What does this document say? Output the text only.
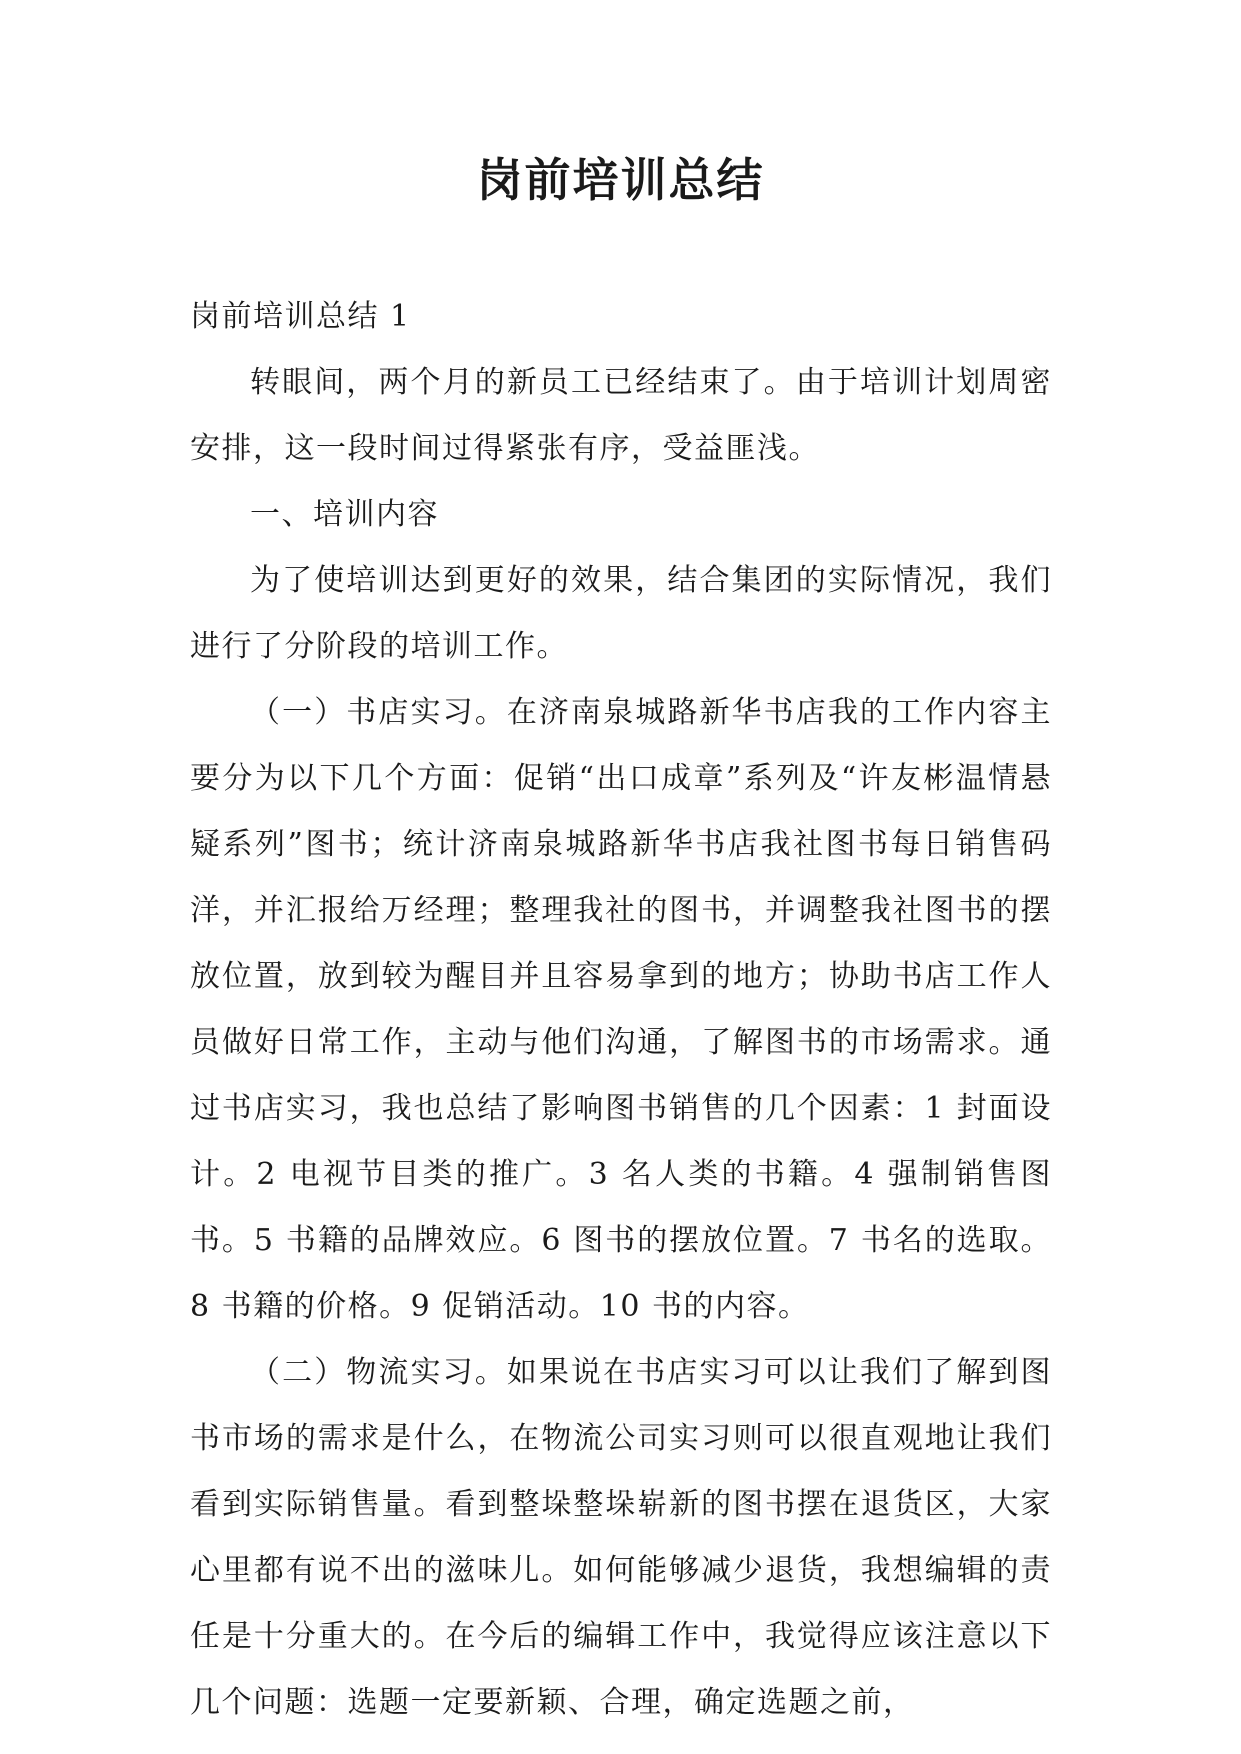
岗前培训总结

岗前培训总结 1

转眼间，两个月的新员工已经结束了。由于培训计划周密安排，这一段时间过得紧张有序，受益匪浅。

一、培训内容

为了使培训达到更好的效果，结合集团的实际情况，我们进行了分阶段的培训工作。

（一）书店实习。在济南泉城路新华书店我的工作内容主要分为以下几个方面：促销“出口成章”系列及“许友彬温情悬疑系列”图书；统计济南泉城路新华书店我社图书每日销售码洋，并汇报给万经理；整理我社的图书，并调整我社图书的摆放位置，放到较为醒目并且容易拿到的地方；协助书店工作人员做好日常工作，主动与他们沟通，了解图书的市场需求。通过书店实习，我也总结了影响图书销售的几个因素：1 封面设计。2 电视节目类的推广。3 名人类的书籍。4 强制销售图书。5 书籍的品牌效应。6 图书的摆放位置。7 书名的选取。8 书籍的价格。9 促销活动。10 书的内容。

（二）物流实习。如果说在书店实习可以让我们了解到图书市场的需求是什么，在物流公司实习则可以很直观地让我们看到实际销售量。看到整垛整垛崭新的图书摆在退货区，大家心里都有说不出的滋味儿。如何能够减少退货，我想编辑的责任是十分重大的。在今后的编辑工作中，我觉得应该注意以下几个问题：选题一定要新颖、合理，确定选题之前，
